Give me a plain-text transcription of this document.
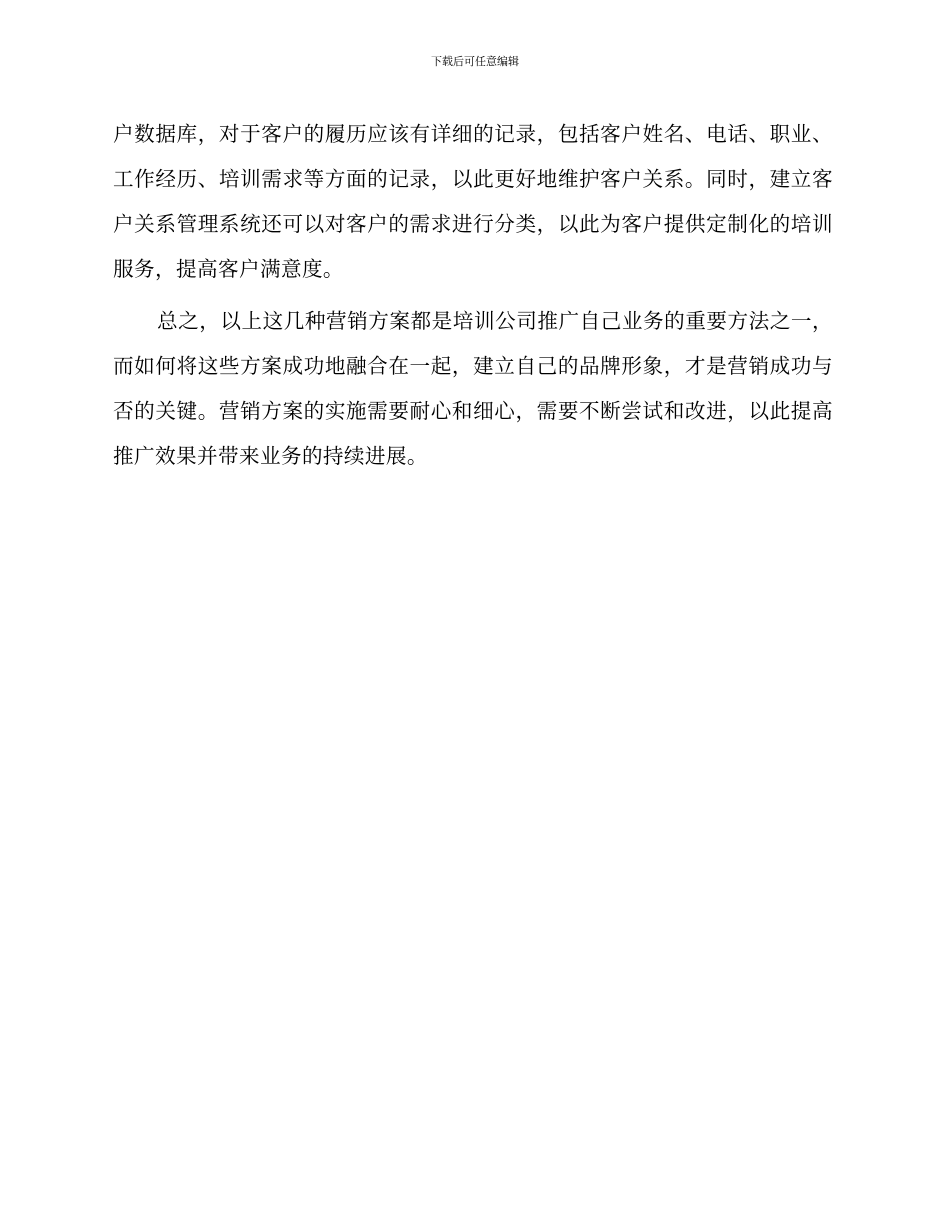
下载后可任意编辑

户数据库，对于客户的履历应该有详细的记录，包括客户姓名、电话、职业、工作经历、培训需求等方面的记录，以此更好地维护客户关系。同时，建立客户关系管理系统还可以对客户的需求进行分类，以此为客户提供定制化的培训服务，提高客户满意度。

总之，以上这几种营销方案都是培训公司推广自己业务的重要方法之一，而如何将这些方案成功地融合在一起，建立自己的品牌形象，才是营销成功与否的关键。营销方案的实施需要耐心和细心，需要不断尝试和改进，以此提高推广效果并带来业务的持续进展。
